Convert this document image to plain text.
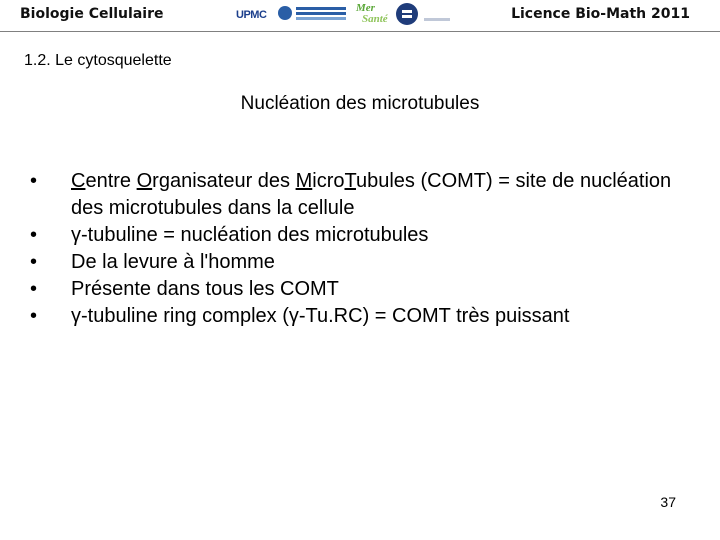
Biologie Cellulaire	UPMC
Mer
Santé	Licence Bio-Math 2011
1.2. Le cytosquelette
Nucléation des microtubules
• Centre Organisateur des MicroTubules (COMT) = site de nucléation des microtubules dans la cellule
• γ-tubuline = nucléation des microtubules
• De la levure à l'homme
• Présente dans tous les COMT
• γ-tubuline ring complex (γ-Tu.RC) = COMT très puissant
37
